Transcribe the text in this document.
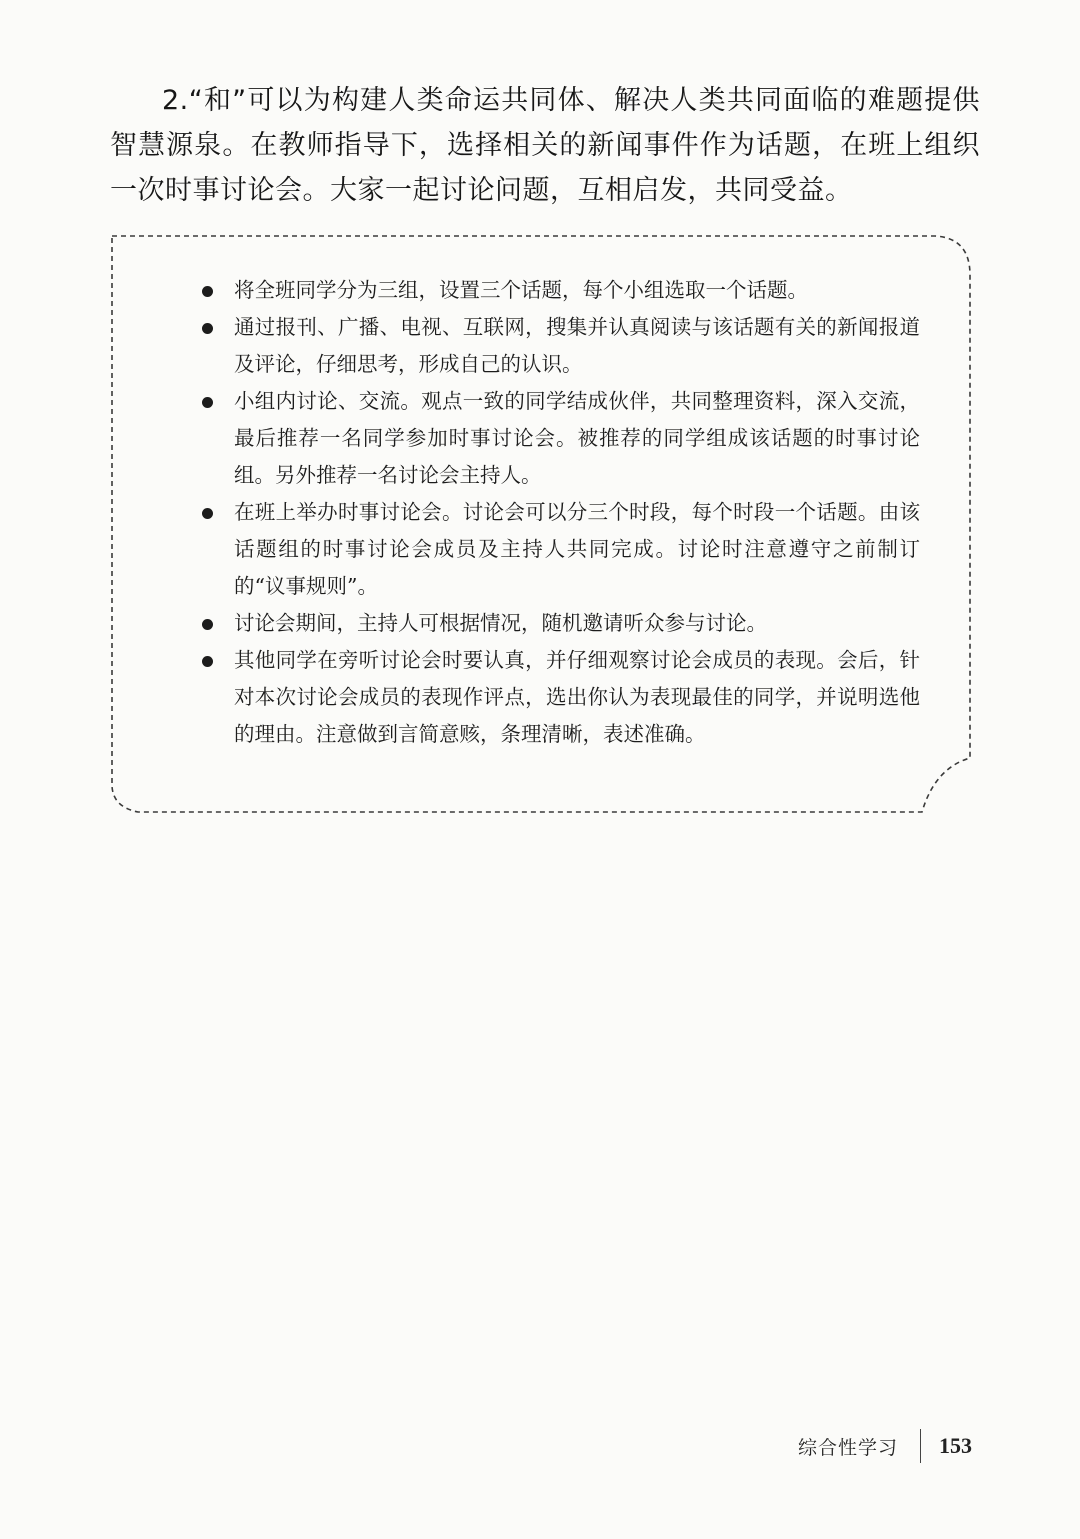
2.“和”可以为构建人类命运共同体、解决人类共同面临的难题提供智慧源泉。在教师指导下，选择相关的新闻事件作为话题，在班上组织一次时事讨论会。大家一起讨论问题，互相启发，共同受益。

将全班同学分为三组，设置三个话题，每个小组选取一个话题。
通过报刊、广播、电视、互联网，搜集并认真阅读与该话题有关的新闻报道及评论，仔细思考，形成自己的认识。
小组内讨论、交流。观点一致的同学结成伙伴，共同整理资料，深入交流，最后推荐一名同学参加时事讨论会。被推荐的同学组成该话题的时事讨论组。另外推荐一名讨论会主持人。
在班上举办时事讨论会。讨论会可以分三个时段，每个时段一个话题。由该话题组的时事讨论会成员及主持人共同完成。讨论时注意遵守之前制订的“议事规则”。
讨论会期间，主持人可根据情况，随机邀请听众参与讨论。
其他同学在旁听讨论会时要认真，并仔细观察讨论会成员的表现。会后，针对本次讨论会成员的表现作评点，选出你认为表现最佳的同学，并说明选他的理由。注意做到言简意赅，条理清晰，表述准确。
综合性学习 153
